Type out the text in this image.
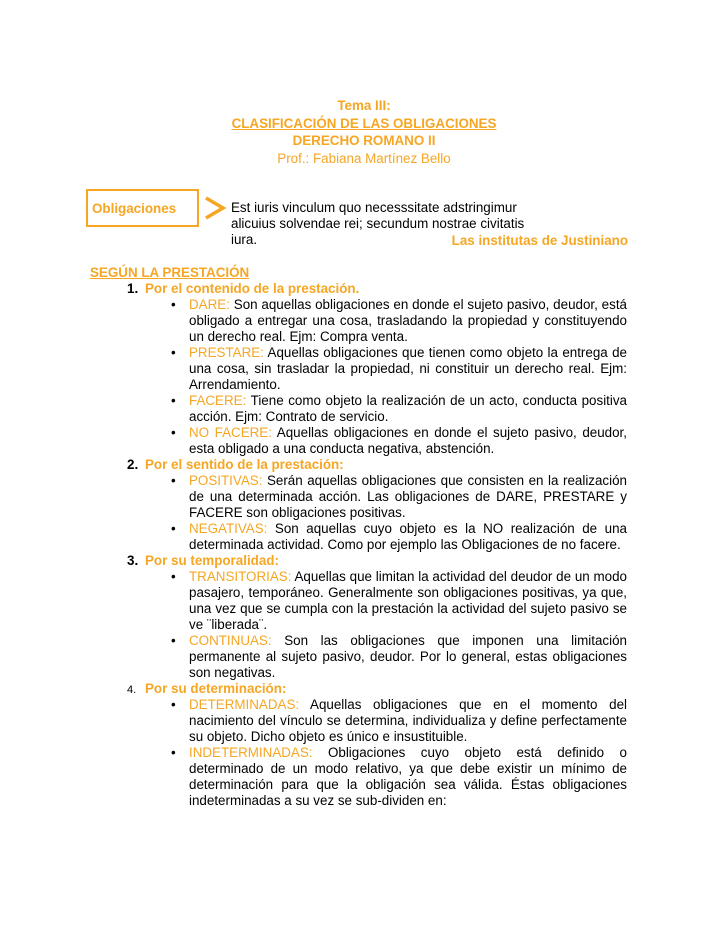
Tema III:
CLASIFICACIÓN DE LAS OBLIGACIONES
DERECHO ROMANO II
Prof.: Fabiana Martínez Bello
Obligaciones	Est iuris vinculum quo necesssitate adstringimur alicuius solvendae rei; secundum nostrae civitatis iura.	Las institutas de Justiniano
SEGÚN LA PRESTACIÓN
1. Por el contenido de la prestación.
• DARE: Son aquellas obligaciones en donde el sujeto pasivo, deudor, está obligado a entregar una cosa, trasladando la propiedad y constituyendo un derecho real. Ejm: Compra venta.
• PRESTARE: Aquellas obligaciones que tienen como objeto la entrega de una cosa, sin trasladar la propiedad, ni constituir un derecho real. Ejm: Arrendamiento.
• FACERE: Tiene como objeto la realización de un acto, conducta positiva acción. Ejm: Contrato de servicio.
• NO FACERE: Aquellas obligaciones en donde el sujeto pasivo, deudor, esta obligado a una conducta negativa, abstención.
2. Por el sentido de la prestación:
• POSITIVAS: Serán aquellas obligaciones que consisten en la realización de una determinada acción. Las obligaciones de DARE, PRESTARE y FACERE son obligaciones positivas.
• NEGATIVAS: Son aquellas cuyo objeto es la NO realización de una determinada actividad. Como por ejemplo las Obligaciones de no facere.
3. Por su temporalidad:
• TRANSITORIAS: Aquellas que limitan la actividad del deudor de un modo pasajero, temporáneo. Generalmente son obligaciones positivas, ya que, una vez que se cumpla con la prestación la actividad del sujeto pasivo se ve ¨liberada¨.
• CONTINUAS: Son las obligaciones que imponen una limitación permanente al sujeto pasivo, deudor. Por lo general, estas obligaciones son negativas.
4. Por su determinación:
• DETERMINADAS: Aquellas obligaciones que en el momento del nacimiento del vínculo se determina, individualiza y define perfectamente su objeto. Dicho objeto es único e insustituible.
• INDETERMINADAS: Obligaciones cuyo objeto está definido o determinado de un modo relativo, ya que debe existir un mínimo de determinación para que la obligación sea válida. Éstas obligaciones indeterminadas a su vez se sub-dividen en:
